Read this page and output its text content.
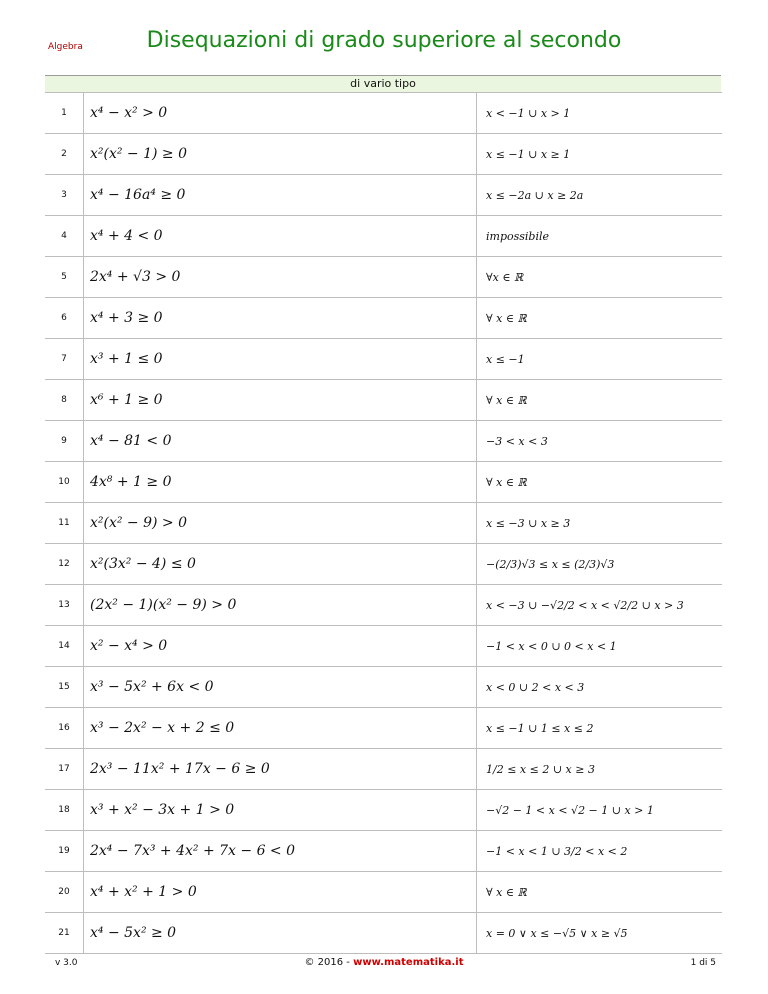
Algebra	Disequazioni di grado superiore al secondo
di vario tipo
1	x⁴ − x² > 0	x < −1 ∪ x > 1
2	x²(x² − 1) ≥ 0	x ≤ −1 ∪ x ≥ 1
3	x⁴ − 16a⁴ ≥ 0	x ≤ −2a ∪ x ≥ 2a
4	x⁴ + 4 < 0	impossibile
5	2x⁴ + √3 > 0	∀x ∈ ℝ
6	x⁴ + 3 ≥ 0	∀ x ∈ ℝ
7	x³ + 1 ≤ 0	x ≤ −1
8	x⁶ + 1 ≥ 0	∀ x ∈ ℝ
9	x⁴ − 81 < 0	−3 < x < 3
10	4x⁸ + 1 ≥ 0	∀ x ∈ ℝ
11	x²(x² − 9) > 0	x ≤ −3 ∪ x ≥ 3
12	x²(3x² − 4) ≤ 0	−(2/3)√3 ≤ x ≤ (2/3)√3
13	(2x² − 1)(x² − 9) > 0	x < −3 ∪ −√2/2 < x < √2/2 ∪ x > 3
14	x² − x⁴ > 0	−1 < x < 0 ∪ 0 < x < 1
15	x³ − 5x² + 6x < 0	x < 0 ∪ 2 < x < 3
16	x³ − 2x² − x + 2 ≤ 0	x ≤ −1 ∪ 1 ≤ x ≤ 2
17	2x³ − 11x² + 17x − 6 ≥ 0	1/2 ≤ x ≤ 2 ∪ x ≥ 3
18	x³ + x² − 3x + 1 > 0	−√2 − 1 < x < √2 − 1 ∪ x > 1
19	2x⁴ − 7x³ + 4x² + 7x − 6 < 0	−1 < x < 1 ∪ 3/2 < x < 2
20	x⁴ + x² + 1 > 0	∀ x ∈ ℝ
21	x⁴ − 5x² ≥ 0	x = 0 ∨ x ≤ −√5 ∨ x ≥ √5
v 3.0	© 2016 - www.matematika.it	1 di 5
